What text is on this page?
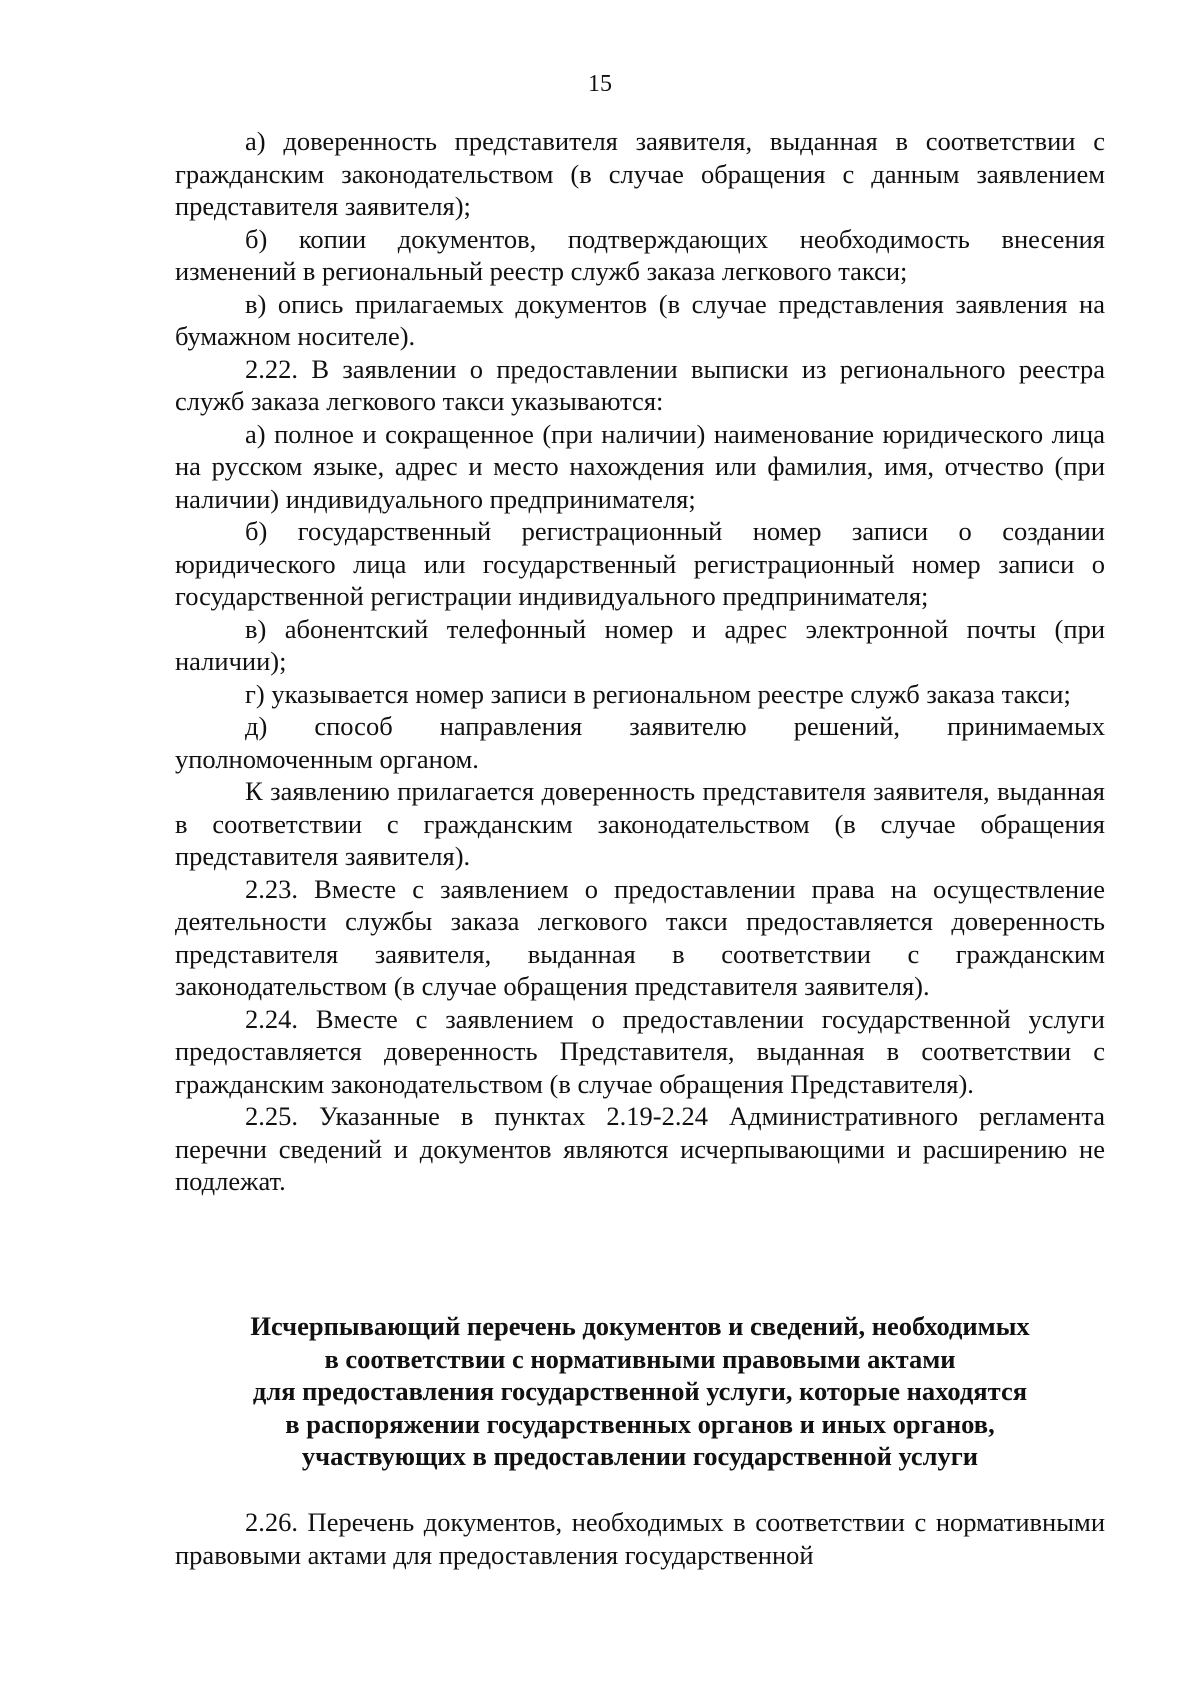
15

а) доверенность представителя заявителя, выданная в соответствии с гражданским законодательством (в случае обращения с данным заявлением представителя заявителя);

б) копии документов, подтверждающих необходимость внесения изменений в региональный реестр служб заказа легкового такси;

в) опись прилагаемых документов (в случае представления заявления на бумажном носителе).

2.22. В заявлении о предоставлении выписки из регионального реестра служб заказа легкового такси указываются:

а) полное и сокращенное (при наличии) наименование юридического лица на русском языке, адрес и место нахождения или фамилия, имя, отчество (при наличии) индивидуального предпринимателя;

б) государственный регистрационный номер записи о создании юридического лица или государственный регистрационный номер записи о государственной регистрации индивидуального предпринимателя;

в) абонентский телефонный номер и адрес электронной почты (при наличии);

г) указывается номер записи в региональном реестре служб заказа такси;

д) способ направления заявителю решений, принимаемых уполномоченным органом.

К заявлению прилагается доверенность представителя заявителя, выданная в соответствии с гражданским законодательством (в случае обращения представителя заявителя).

2.23. Вместе с заявлением о предоставлении права на осуществление деятельности службы заказа легкового такси предоставляется доверенность представителя заявителя, выданная в соответствии с гражданским законодательством (в случае обращения представителя заявителя).

2.24. Вместе с заявлением о предоставлении государственной услуги предоставляется доверенность Представителя, выданная в соответствии с гражданским законодательством (в случае обращения Представителя).

2.25. Указанные в пунктах 2.19-2.24 Административного регламента перечни сведений и документов являются исчерпывающими и расширению не подлежат.

Исчерпывающий перечень документов и сведений, необходимых
в соответствии с нормативными правовыми актами
для предоставления государственной услуги, которые находятся
в распоряжении государственных органов и иных органов,
участвующих в предоставлении государственной услуги

2.26. Перечень документов, необходимых в соответствии с нормативными правовыми актами для предоставления государственной
